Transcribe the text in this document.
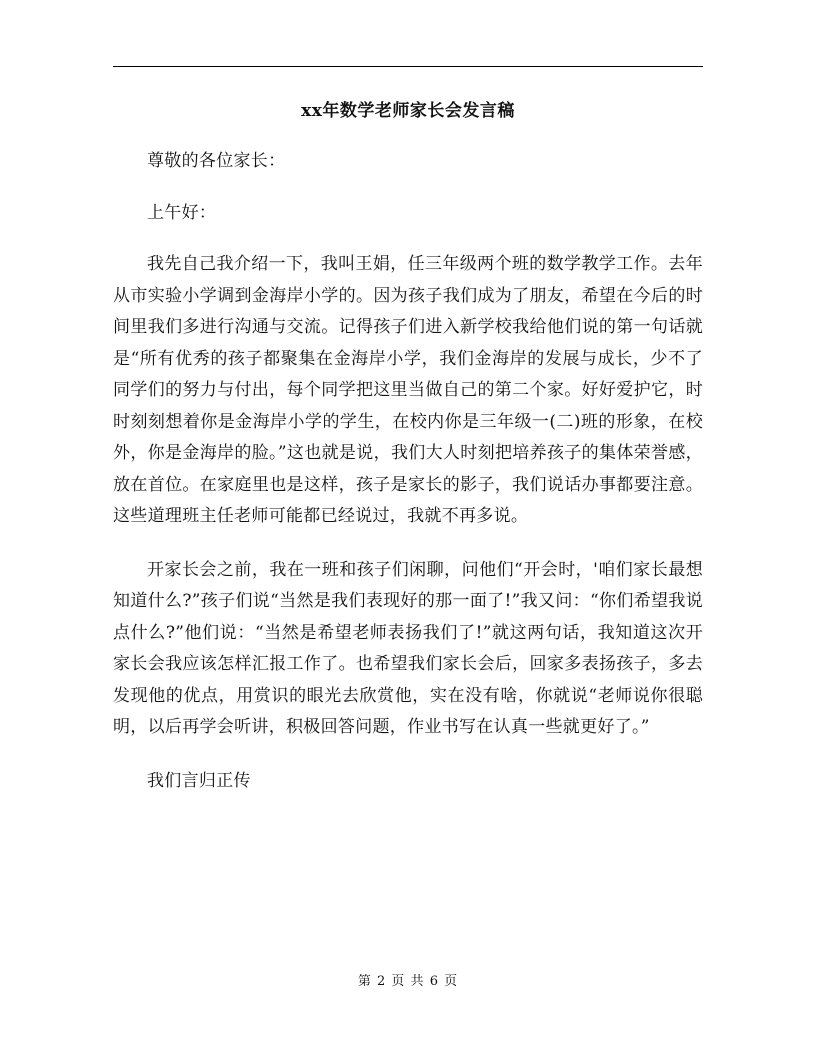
xx年数学老师家长会发言稿

尊敬的各位家长：

上午好：

我先自己我介绍一下，我叫王娟，任三年级两个班的数学教学工作。去年从市实验小学调到金海岸小学的。因为孩子我们成为了朋友，希望在今后的时间里我们多进行沟通与交流。记得孩子们进入新学校我给他们说的第一句话就是“所有优秀的孩子都聚集在金海岸小学，我们金海岸的发展与成长，少不了同学们的努力与付出，每个同学把这里当做自己的第二个家。好好爱护它，时时刻刻想着你是金海岸小学的学生，在校内你是三年级一(二)班的形象，在校外，你是金海岸的脸。”这也就是说，我们大人时刻把培养孩子的集体荣誉感，放在首位。在家庭里也是这样，孩子是家长的影子，我们说话办事都要注意。这些道理班主任老师可能都已经说过，我就不再多说。

开家长会之前，我在一班和孩子们闲聊，问他们“开会时，'咱们家长最想知道什么?”孩子们说“当然是我们表现好的那一面了!”我又问：“你们希望我说点什么?”他们说：“当然是希望老师表扬我们了!”就这两句话，我知道这次开家长会我应该怎样汇报工作了。也希望我们家长会后，回家多表扬孩子，多去发现他的优点，用赏识的眼光去欣赏他，实在没有啥，你就说“老师说你很聪明，以后再学会听讲，积极回答问题，作业书写在认真一些就更好了。”

我们言归正传

第 2 页 共 6 页
